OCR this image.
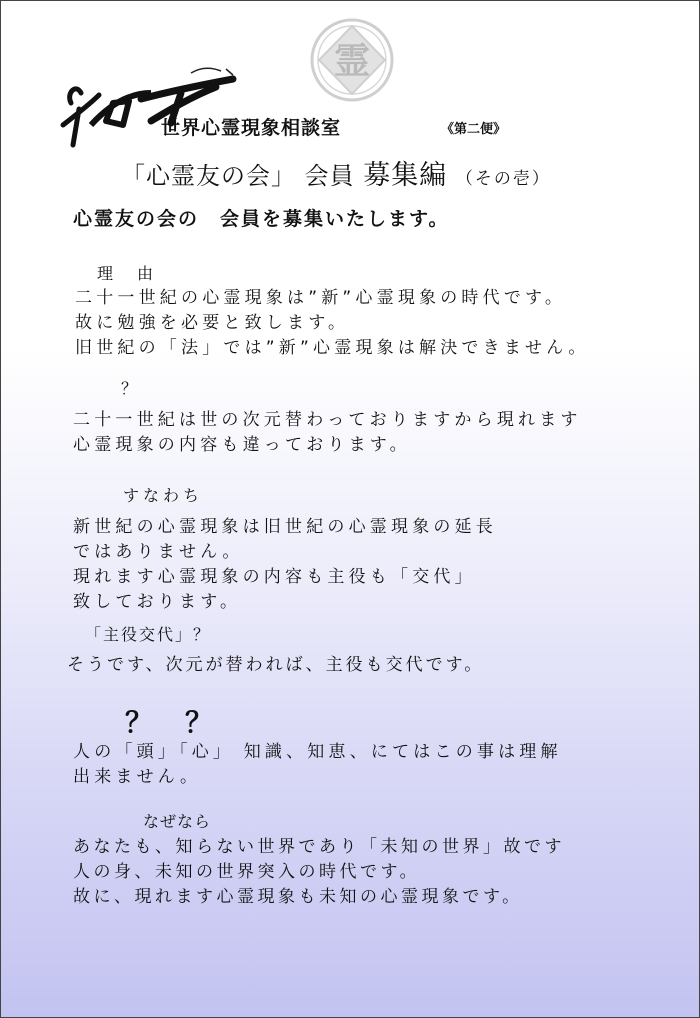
霊
世界心霊現象相談室	《第二便》
「心霊友の会」 会員 募集編 （その壱）
心霊友の会の　会員を募集いたします。
理　由
二十一世紀の心霊現象は”新”心霊現象の時代です。
故に勉強を必要と致します。
旧世紀の「法」では”新”心霊現象は解決できません。
？
二十一世紀は世の次元替わっておりますから現れます
心霊現象の内容も違っております。
すなわち
新世紀の心霊現象は旧世紀の心霊現象の延長
ではありません。
現れます心霊現象の内容も主役も「交代」
致しております。
「主役交代」？
そうです、次元が替われば、主役も交代です。
？ ？
人の「頭」「心」 知識、知恵、にてはこの事は理解
出来ません。
なぜなら
あなたも、知らない世界であり「未知の世界」故です
人の身、未知の世界突入の時代です。
故に、現れます心霊現象も未知の心霊現象です。
